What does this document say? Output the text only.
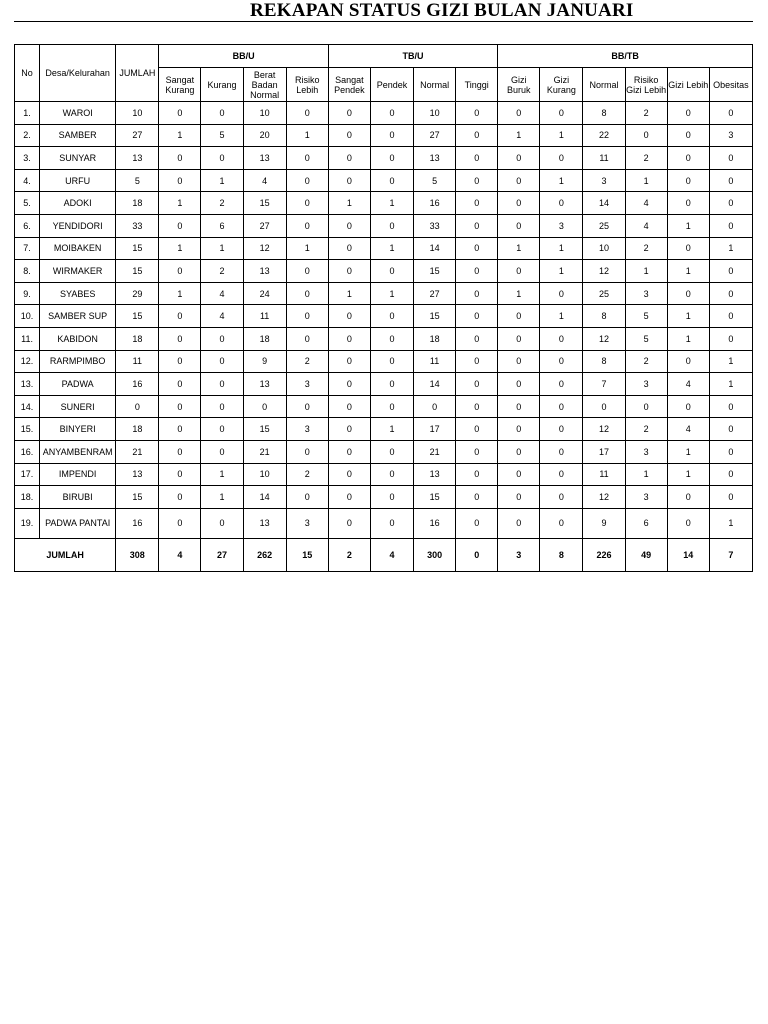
REKAPAN STATUS GIZI BULAN JANUARI
No	Desa/Kelurahan	JUMLAH	BB/U				TB/U				BB/TB					
			Sangat Kurang	Kurang	Berat Badan Normal	Risiko Lebih	Sangat Pendek	Pendek	Normal	Tinggi	Gizi Buruk	Gizi Kurang	Normal	Risiko Gizi Lebih	Gizi Lebih	Obesitas
1.	WAROI	10	0	0	10	0	0	0	10	0	0	0	8	2	0	0
2.	SAMBER	27	1	5	20	1	0	0	27	0	1	1	22	0	0	3
3.	SUNYAR	13	0	0	13	0	0	0	13	0	0	0	11	2	0	0
4.	URFU	5	0	1	4	0	0	0	5	0	0	1	3	1	0	0
5.	ADOKI	18	1	2	15	0	1	1	16	0	0	0	14	4	0	0
6.	YENDIDORI	33	0	6	27	0	0	0	33	0	0	3	25	4	1	0
7.	MOIBAKEN	15	1	1	12	1	0	1	14	0	1	1	10	2	0	1
8.	WIRMAKER	15	0	2	13	0	0	0	15	0	0	1	12	1	1	0
9.	SYABES	29	1	4	24	0	1	1	27	0	1	0	25	3	0	0
10.	SAMBER SUP	15	0	4	11	0	0	0	15	0	0	1	8	5	1	0
11.	KABIDON	18	0	0	18	0	0	0	18	0	0	0	12	5	1	0
12.	RARMPIMBO	11	0	0	9	2	0	0	11	0	0	0	8	2	0	1
13.	PADWA	16	0	0	13	3	0	0	14	0	0	0	7	3	4	1
14.	SUNERI	0	0	0	0	0	0	0	0	0	0	0	0	0	0	0
15.	BINYERI	18	0	0	15	3	0	1	17	0	0	0	12	2	4	0
16.	ANYAMBENRAM	21	0	0	21	0	0	0	21	0	0	0	17	3	1	0
17.	IMPENDI	13	0	1	10	2	0	0	13	0	0	0	11	1	1	0
18.	BIRUBI	15	0	1	14	0	0	0	15	0	0	0	12	3	0	0
19.	PADWA PANTAI	16	0	0	13	3	0	0	16	0	0	0	9	6	0	1
JUMLAH		308	4	27	262	15	2	4	300	0	3	8	226	49	14	7
